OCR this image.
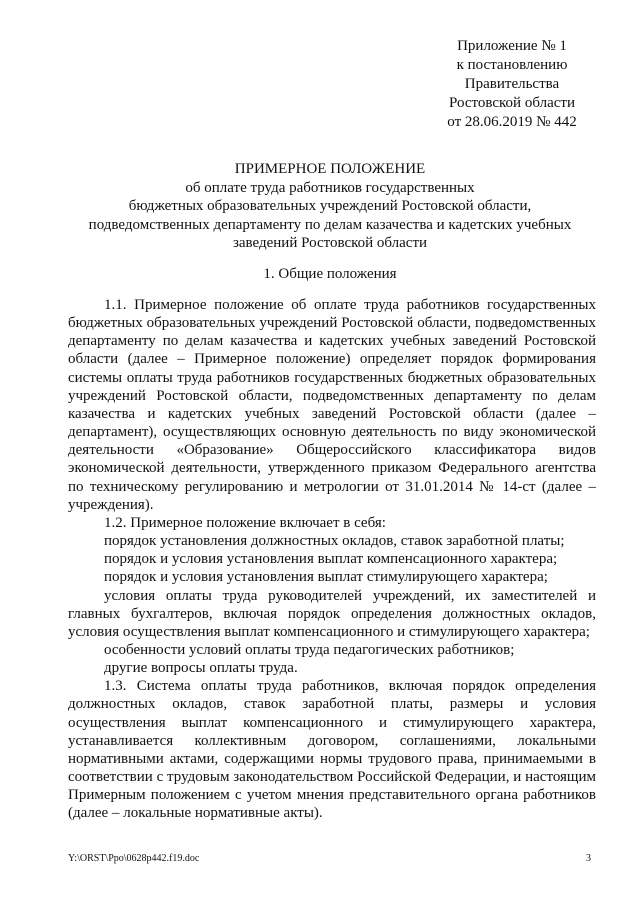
Приложение № 1
к постановлению
Правительства
Ростовской области
от 28.06.2019 № 442
ПРИМЕРНОЕ ПОЛОЖЕНИЕ
об оплате труда работников государственных
бюджетных образовательных учреждений Ростовской области,
подведомственных департаменту по делам казачества и кадетских учебных
заведений Ростовской области
1. Общие положения

1.1. Примерное положение об оплате труда работников государственных бюджетных образовательных учреждений Ростовской области, подведомственных департаменту по делам казачества и кадетских учебных заведений Ростовской области (далее – Примерное положение) определяет порядок формирования системы оплаты труда работников государственных бюджетных образовательных учреждений Ростовской области, подведомственных департаменту по делам казачества и кадетских учебных заведений Ростовской области (далее – департамент), осуществляющих основную деятельность по виду экономической деятельности «Образование» Общероссийского классификатора видов экономической деятельности, утвержденного приказом Федерального агентства по техническому регулированию и метрологии от 31.01.2014 № 14-ст (далее – учреждения).

1.2. Примерное положение включает в себя:

порядок установления должностных окладов, ставок заработной платы;

порядок и условия установления выплат компенсационного характера;

порядок и условия установления выплат стимулирующего характера;

условия оплаты труда руководителей учреждений, их заместителей и главных бухгалтеров, включая порядок определения должностных окладов, условия осуществления выплат компенсационного и стимулирующего характера;

особенности условий оплаты труда педагогических работников;

другие вопросы оплаты труда.

1.3. Система оплаты труда работников, включая порядок определения должностных окладов, ставок заработной платы, размеры и условия осуществления выплат компенсационного и стимулирующего характера, устанавливается коллективным договором, соглашениями, локальными нормативными актами, содержащими нормы трудового права, принимаемыми в соответствии с трудовым законодательством Российской Федерации, и настоящим Примерным положением с учетом мнения представительного органа работников (далее – локальные нормативные акты).

Y:\ORST\Ppo\0628p442.f19.doc	3
